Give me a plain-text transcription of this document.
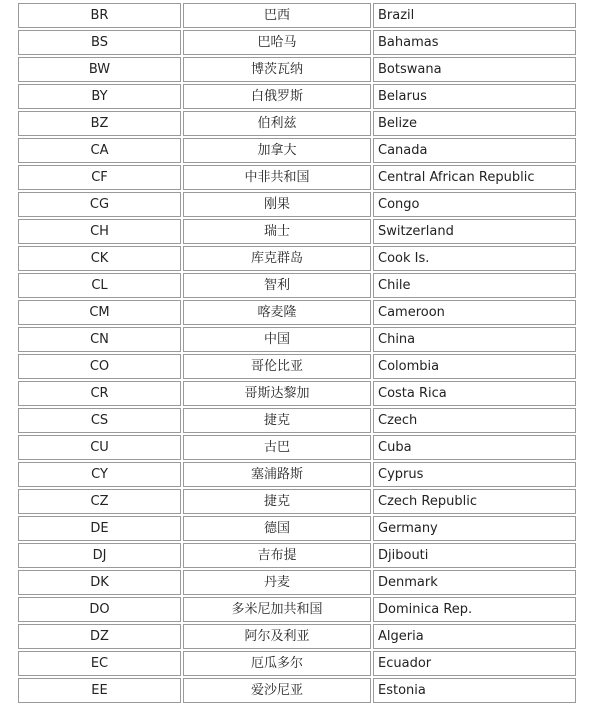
BR	巴西	Brazil
BS	巴哈马	Bahamas
BW	博茨瓦纳	Botswana
BY	白俄罗斯	Belarus
BZ	伯利兹	Belize
CA	加拿大	Canada
CF	中非共和国	Central African Republic
CG	刚果	Congo
CH	瑞士	Switzerland
CK	库克群岛	Cook Is.
CL	智利	Chile
CM	喀麦隆	Cameroon
CN	中国	China
CO	哥伦比亚	Colombia
CR	哥斯达黎加	Costa Rica
CS	捷克	Czech
CU	古巴	Cuba
CY	塞浦路斯	Cyprus
CZ	捷克	Czech Republic
DE	德国	Germany
DJ	吉布提	Djibouti
DK	丹麦	Denmark
DO	多米尼加共和国	Dominica Rep.
DZ	阿尔及利亚	Algeria
EC	厄瓜多尔	Ecuador
EE	爱沙尼亚	Estonia
